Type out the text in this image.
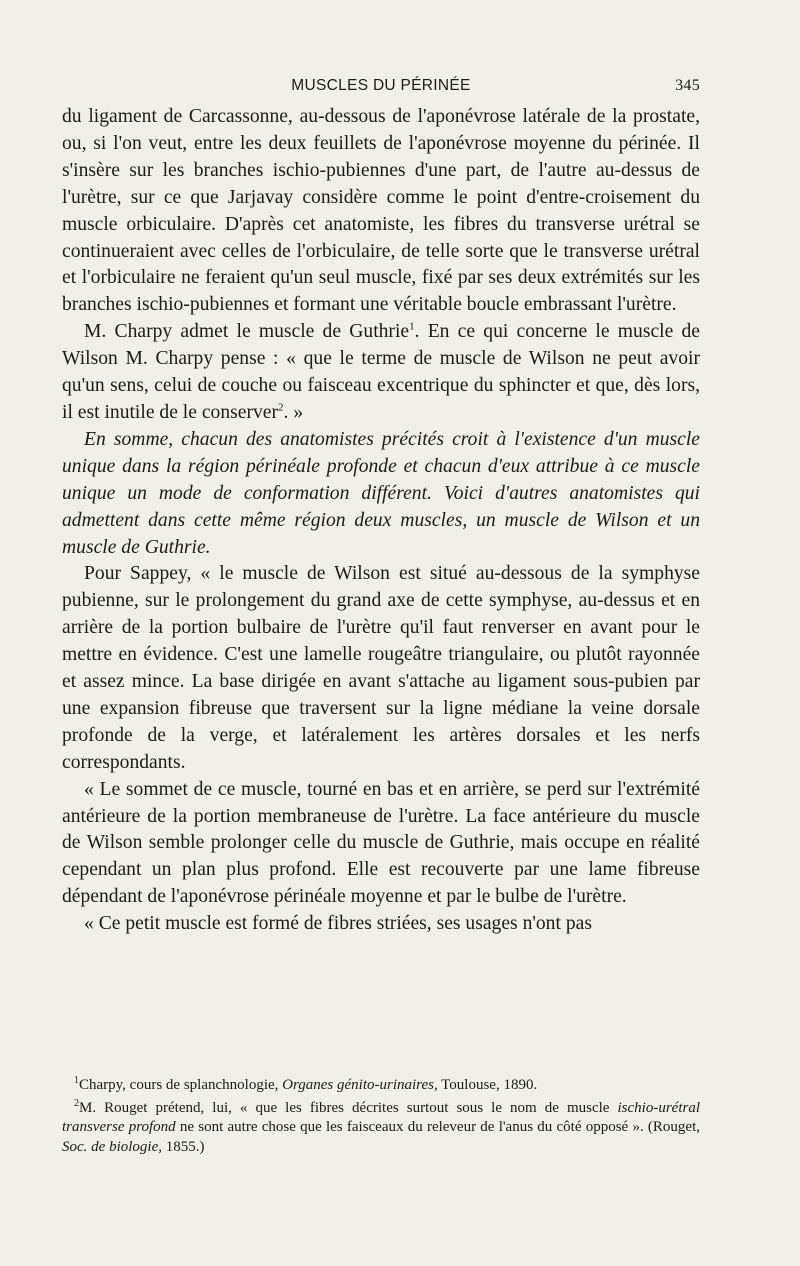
MUSCLES DU PÉRINÉE	345

du ligament de Carcassonne, au-dessous de l'aponévrose latérale de la prostate, ou, si l'on veut, entre les deux feuillets de l'aponévrose moyenne du périnée. Il s'insère sur les branches ischio-pubiennes d'une part, de l'autre au-dessus de l'urètre, sur ce que Jarjavay considère comme le point d'entre-croisement du muscle orbiculaire. D'après cet anatomiste, les fibres du transverse urétral se continueraient avec celles de l'orbiculaire, de telle sorte que le transverse urétral et l'orbiculaire ne feraient qu'un seul muscle, fixé par ses deux extrémités sur les branches ischio-pubiennes et formant une véritable boucle embrassant l'urètre.

M. Charpy admet le muscle de Guthrie$^1$. En ce qui concerne le muscle de Wilson M. Charpy pense : « que le terme de muscle de Wilson ne peut avoir qu'un sens, celui de couche ou faisceau excentrique du sphincter et que, dès lors, il est inutile de le conserver$^2$. »

En somme, chacun des anatomistes précités croit à l'existence d'un muscle unique dans la région périnéale profonde et chacun d'eux attribue à ce muscle unique un mode de conformation différent. Voici d'autres anatomistes qui admettent dans cette même région deux muscles, un muscle de Wilson et un muscle de Guthrie.

Pour Sappey, « le muscle de Wilson est situé au-dessous de la symphyse pubienne, sur le prolongement du grand axe de cette symphyse, au-dessus et en arrière de la portion bulbaire de l'urètre qu'il faut renverser en avant pour le mettre en évidence. C'est une lamelle rougeâtre triangulaire, ou plutôt rayonnée et assez mince. La base dirigée en avant s'attache au ligament sous-pubien par une expansion fibreuse que traversent sur la ligne médiane la veine dorsale profonde de la verge, et latéralement les artères dorsales et les nerfs correspondants.

« Le sommet de ce muscle, tourné en bas et en arrière, se perd sur l'extrémité antérieure de la portion membraneuse de l'urètre. La face antérieure du muscle de Wilson semble prolonger celle du muscle de Guthrie, mais occupe en réalité cependant un plan plus profond. Elle est recouverte par une lame fibreuse dépendant de l'aponévrose périnéale moyenne et par le bulbe de l'urètre.

« Ce petit muscle est formé de fibres striées, ses usages n'ont pas

$^1$Charpy, cours de splanchnologie, Organes génito-urinaires, Toulouse, 1890.

$^2$M. Rouget prétend, lui, « que les fibres décrites surtout sous le nom de muscle ischio-urétral transverse profond ne sont autre chose que les faisceaux du releveur de l'anus du côté opposé ». (Rouget, Soc. de biologie, 1855.)
